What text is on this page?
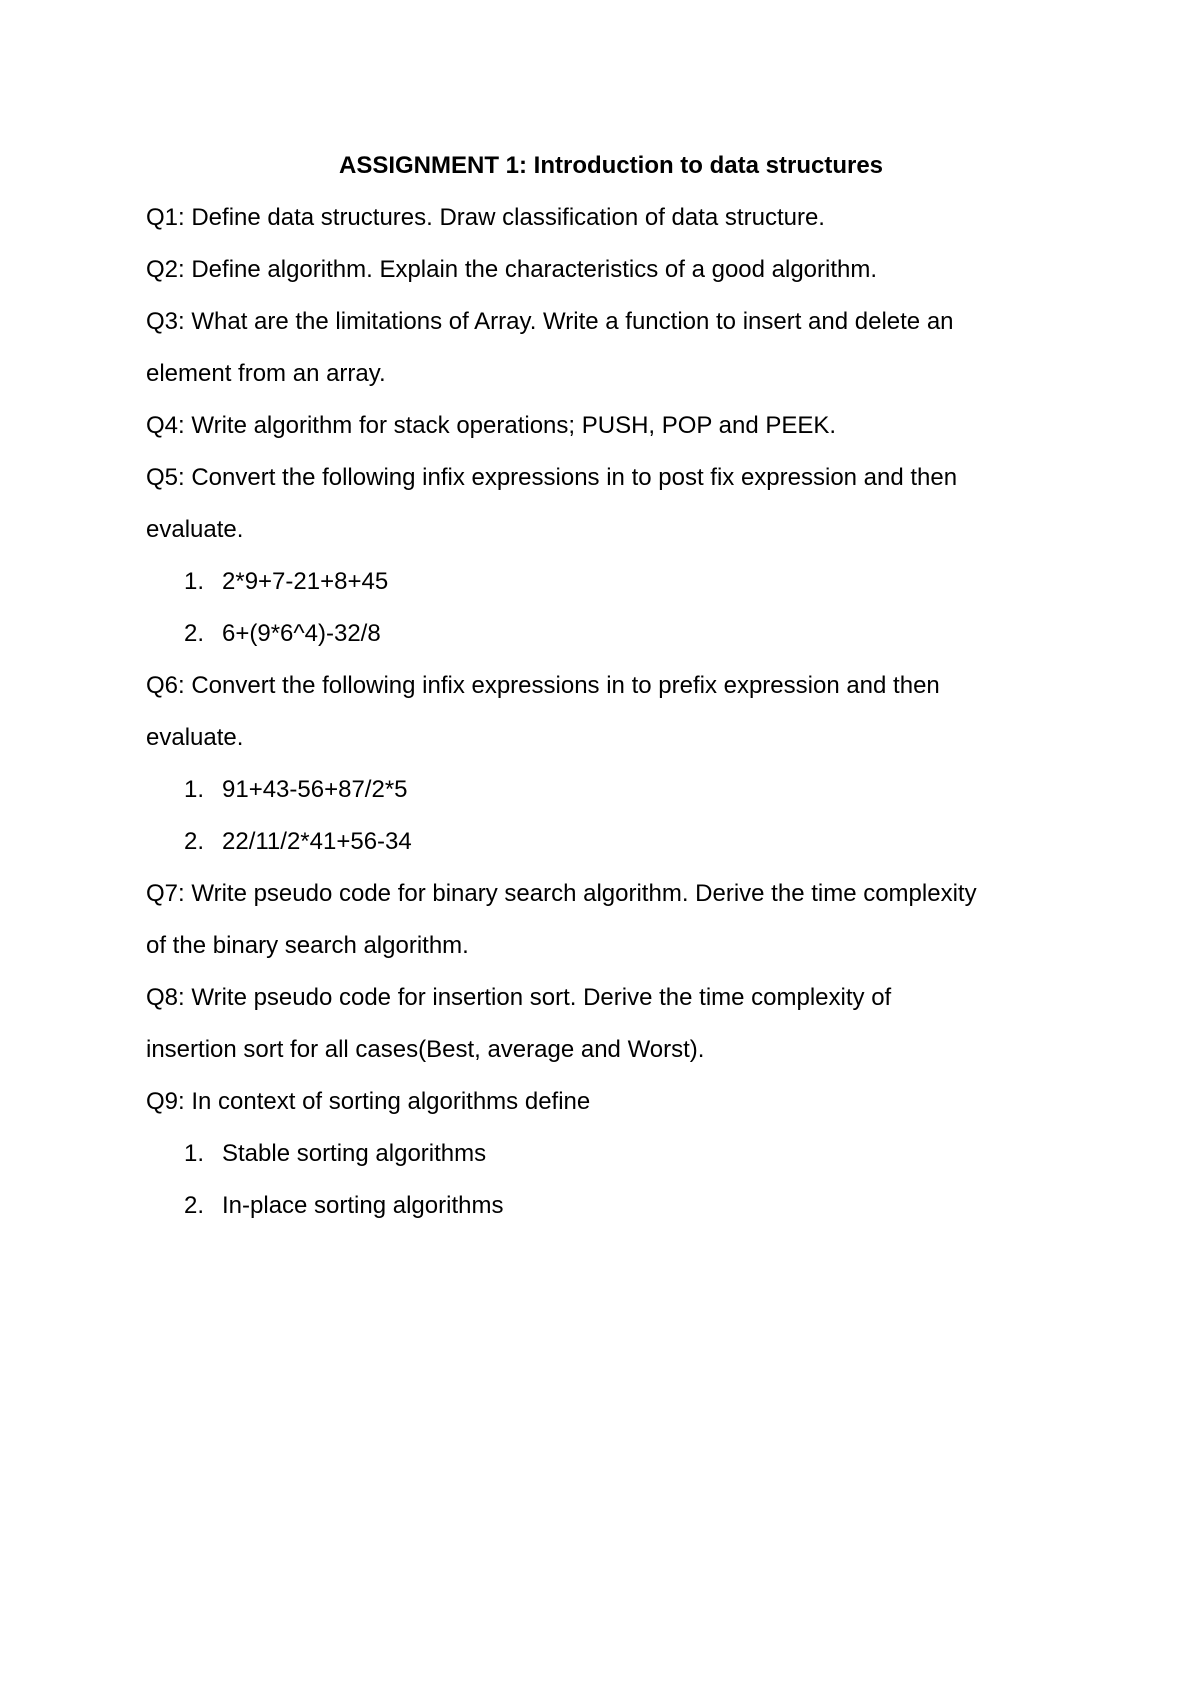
ASSIGNMENT 1: Introduction to data structures

Q1: Define data structures. Draw classification of data structure.

Q2: Define algorithm. Explain the characteristics of a good algorithm.

Q3: What are the limitations of Array. Write a function to insert and delete an

element from an array.

Q4: Write algorithm for stack operations; PUSH, POP and PEEK.

Q5: Convert the following infix expressions in to post fix expression and then

evaluate.

1. 2*9+7-21+8+45
2. 6+(9*6^4)-32/8

Q6: Convert the following infix expressions in to prefix expression and then

evaluate.

1. 91+43-56+87/2*5
2. 22/11/2*41+56-34

Q7: Write pseudo code for binary search algorithm. Derive the time complexity

of the binary search algorithm.

Q8: Write pseudo code for insertion sort. Derive the time complexity of

insertion sort for all cases(Best, average and Worst).

Q9: In context of sorting algorithms define

1. Stable sorting algorithms
2. In-place sorting algorithms
